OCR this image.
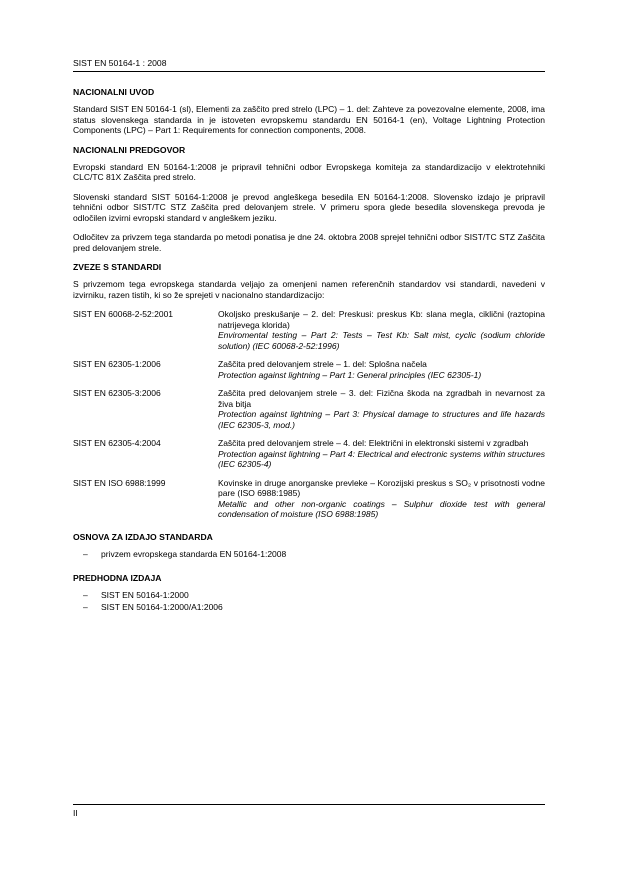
SIST EN 50164-1 : 2008
NACIONALNI UVOD

Standard SIST EN 50164-1 (sl), Elementi za zaščito pred strelo (LPC) – 1. del: Zahteve za povezovalne elemente, 2008, ima status slovenskega standarda in je istoveten evropskemu standardu EN 50164-1 (en), Voltage Lightning Protection Components (LPC) – Part 1: Requirements for connection components, 2008.

NACIONALNI PREDGOVOR

Evropski standard EN 50164-1:2008 je pripravil tehnični odbor Evropskega komiteja za standardizacijo v elektrotehniki CLC/TC 81X Zaščita pred strelo.

Slovenski standard SIST 50164-1:2008 je prevod angleškega besedila EN 50164-1:2008. Slovensko izdajo je pripravil tehnični odbor SIST/TC STZ Zaščita pred delovanjem strele. V primeru spora glede besedila slovenskega prevoda je odločilen izvirni evropski standard v angleškem jeziku.

Odločitev za privzem tega standarda po metodi ponatisa je dne 24. oktobra 2008 sprejel tehnični odbor SIST/TC STZ Zaščita pred delovanjem strele.

ZVEZE S STANDARDI

S privzemom tega evropskega standarda veljajo za omenjeni namen referenčnih standardov vsi standardi, navedeni v izvirniku, razen tistih, ki so že sprejeti v nacionalno standardizacijo:

SIST EN 60068-2-52:2001	Okoljsko preskušanje – 2. del: Preskusi: preskus Kb: slana megla, ciklični (raztopina natrijevega klorida)
Enviromental testing – Part 2: Tests – Test Kb: Salt mist, cyclic (sodium chloride solution) (IEC 60068-2-52:1996)
SIST EN 62305-1:2006	Zaščita pred delovanjem strele – 1. del: Splošna načela
Protection against lightning – Part 1: General principles (IEC 62305-1)
SIST EN 62305-3:2006	Zaščita pred delovanjem strele – 3. del: Fizična škoda na zgradbah in nevarnost za živa bitja
Protection against lightning – Part 3: Physical damage to structures and life hazards (IEC 62305-3, mod.)
SIST EN 62305-4:2004	Zaščita pred delovanjem strele – 4. del: Električni in elektronski sistemi v zgradbah
Protection against lightning – Part 4: Electrical and electronic systems within structures (IEC 62305-4)
SIST EN ISO 6988:1999	Kovinske in druge anorganske prevleke – Korozijski preskus s SO₂ v prisotnosti vodne pare (ISO 6988:1985)
Metallic and other non-organic coatings – Sulphur dioxide test with general condensation of moisture (ISO 6988:1985)
OSNOVA ZA IZDAJO STANDARDA
–	privzem evropskega standarda EN 50164-1:2008
PREDHODNA IZDAJA
–	SIST EN 50164-1:2000
–	SIST EN 50164-1:2000/A1:2006
II
